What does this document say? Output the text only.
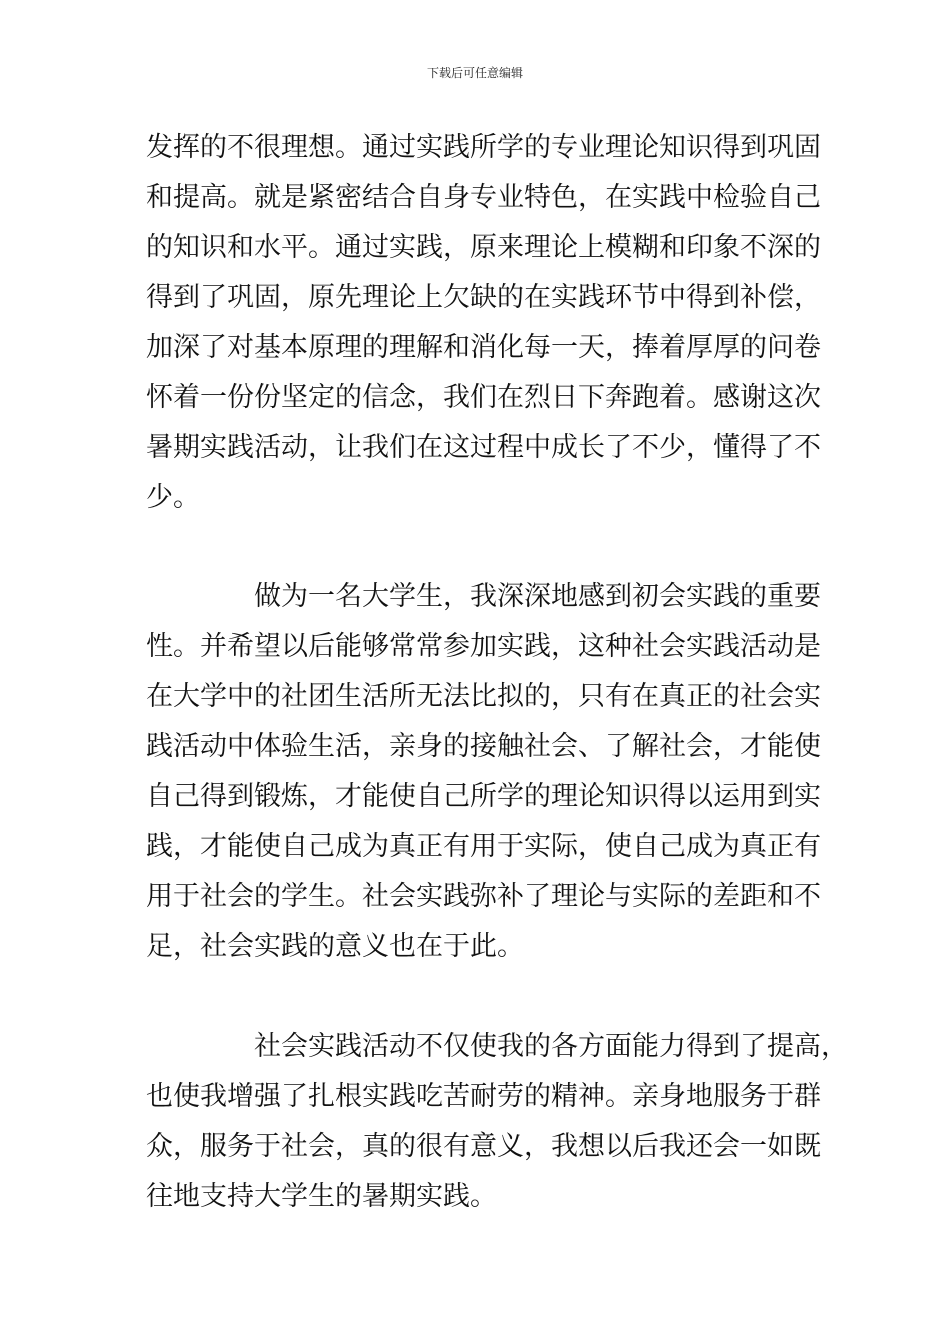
下载后可任意编辑
发挥的不很理想。通过实践所学的专业理论知识得到巩固
和提高。就是紧密结合自身专业特色，在实践中检验自己
的知识和水平。通过实践，原来理论上模糊和印象不深的
得到了巩固，原先理论上欠缺的在实践环节中得到补偿，
加深了对基本原理的理解和消化每一天，捧着厚厚的问卷
怀着一份份坚定的信念，我们在烈日下奔跑着。感谢这次
暑期实践活动，让我们在这过程中成长了不少，懂得了不
少。
做为一名大学生，我深深地感到初会实践的重要
性。并希望以后能够常常参加实践，这种社会实践活动是
在大学中的社团生活所无法比拟的，只有在真正的社会实
践活动中体验生活，亲身的接触社会、了解社会，才能使
自己得到锻炼，才能使自己所学的理论知识得以运用到实
践，才能使自己成为真正有用于实际，使自己成为真正有
用于社会的学生。社会实践弥补了理论与实际的差距和不
足，社会实践的意义也在于此。
社会实践活动不仅使我的各方面能力得到了提高，
也使我增强了扎根实践吃苦耐劳的精神。亲身地服务于群
众，服务于社会，真的很有意义，我想以后我还会一如既
往地支持大学生的暑期实践。
